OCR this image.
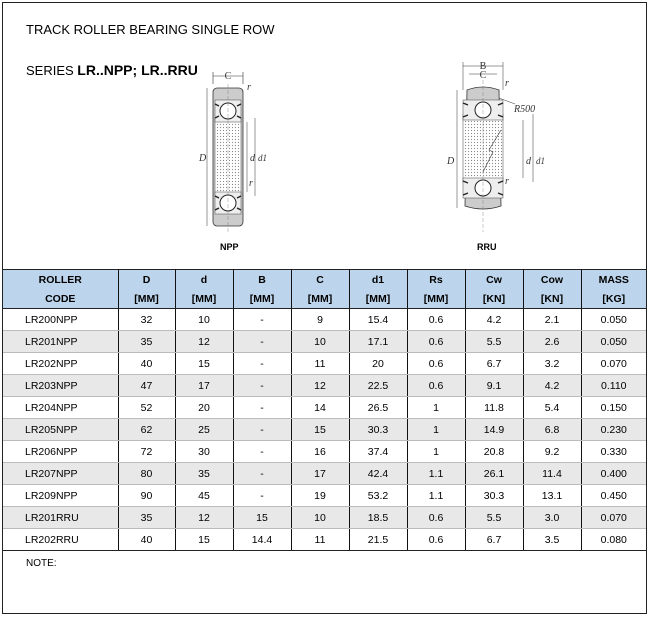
TRACK ROLLER BEARING SINGLE ROW
SERIES LR..NPP; LR..RRU	C
r
D	d d1
r
NPP
B
C
r
R500
D	d d1
r
RRU
ROLLER	D	d	B	C	d1	Rs	Cw	Cow	MASS
CODE	[MM]	[MM]	[MM]	[MM]	[MM]	[MM]	[KN]	[KN]	[KG]
LR200NPP	32	10	-	9	15.4	0.6	4.2	2.1	0.050
LR201NPP	35	12	-	10	17.1	0.6	5.5	2.6	0.050
LR202NPP	40	15	-	11	20	0.6	6.7	3.2	0.070
LR203NPP	47	17	-	12	22.5	0.6	9.1	4.2	0.110
LR204NPP	52	20	-	14	26.5	1	11.8	5.4	0.150
LR205NPP	62	25	-	15	30.3	1	14.9	6.8	0.230
LR206NPP	72	30	-	16	37.4	1	20.8	9.2	0.330
LR207NPP	80	35	-	17	42.4	1.1	26.1	11.4	0.400
LR209NPP	90	45	-	19	53.2	1.1	30.3	13.1	0.450
LR201RRU	35	12	15	10	18.5	0.6	5.5	3.0	0.070
LR202RRU	40	15	14.4	11	21.5	0.6	6.7	3.5	0.080
NOTE:
